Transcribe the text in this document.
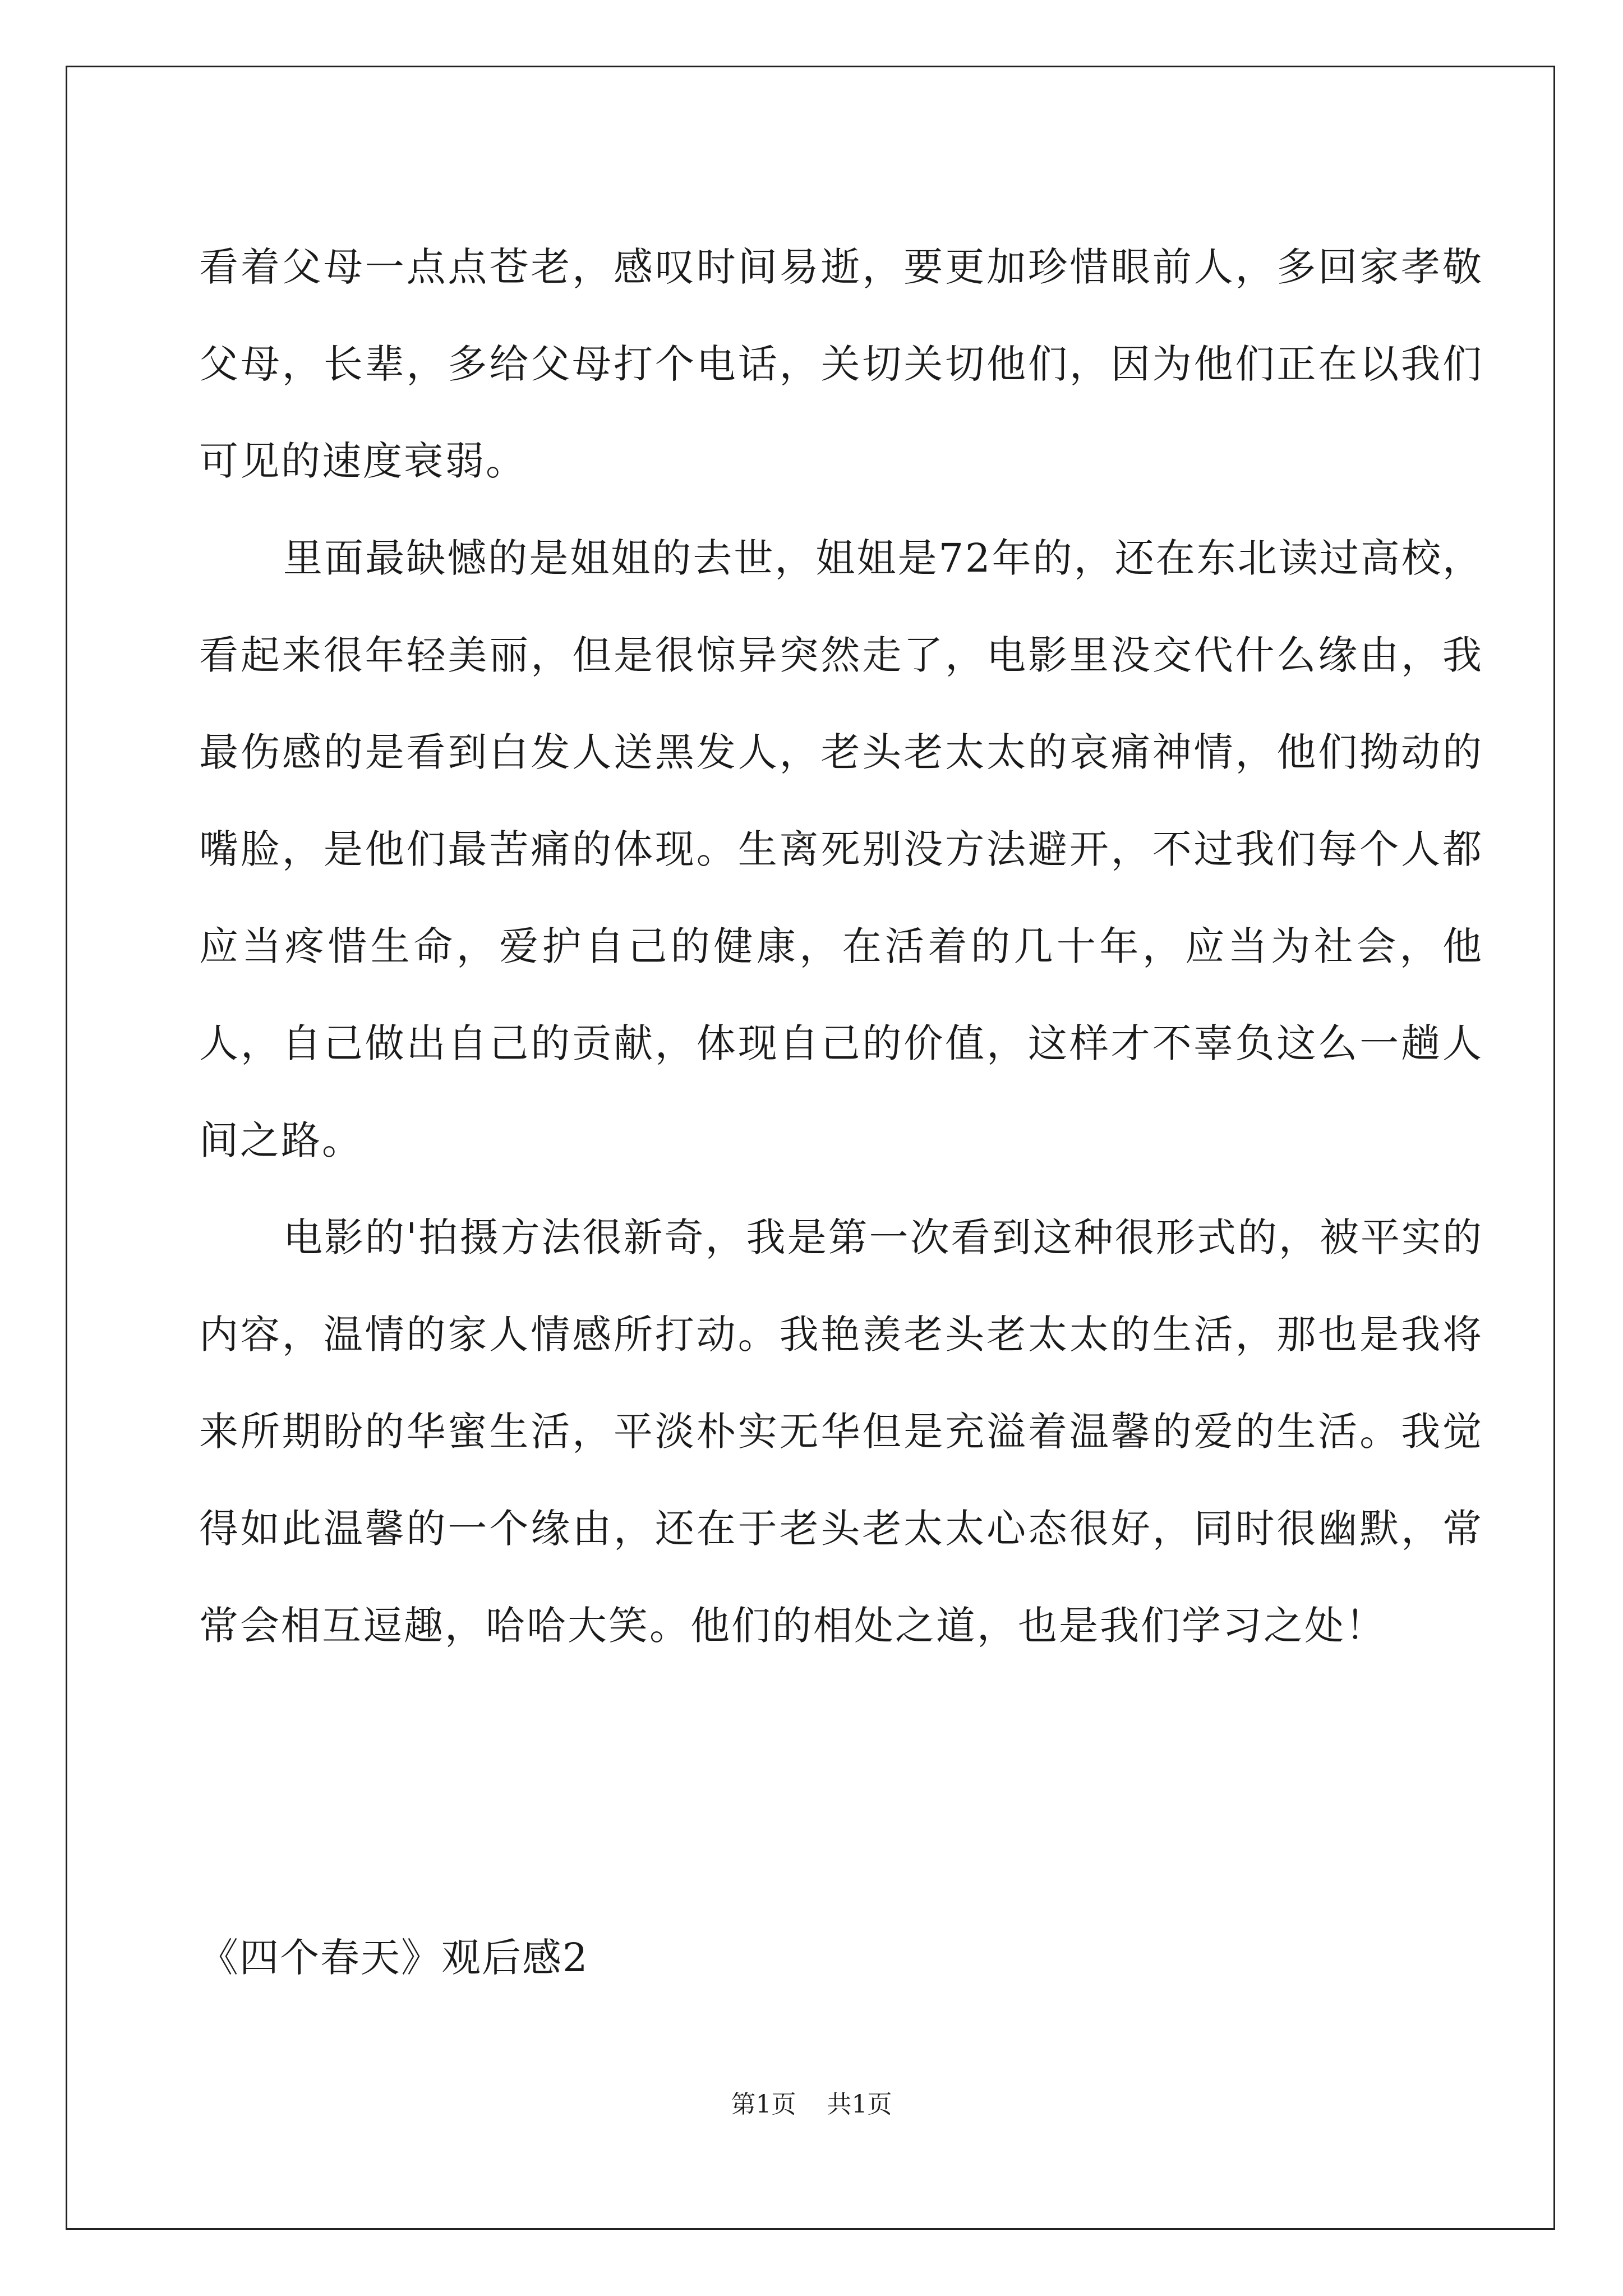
看着父母一点点苍老，感叹时间易逝，要更加珍惜眼前人，多回家孝敬父母，长辈，多给父母打个电话，关切关切他们，因为他们正在以我们可见的速度衰弱。

里面最缺憾的是姐姐的去世，姐姐是72年的，还在东北读过高校，看起来很年轻美丽，但是很惊异突然走了，电影里没交代什么缘由，我最伤感的是看到白发人送黑发人，老头老太太的哀痛神情，他们拗动的嘴脸，是他们最苦痛的体现。生离死别没方法避开，不过我们每个人都应当疼惜生命，爱护自己的健康，在活着的几十年，应当为社会，他人，自己做出自己的贡献，体现自己的价值，这样才不辜负这么一趟人间之路。

电影的'拍摄方法很新奇，我是第一次看到这种很形式的，被平实的内容，温情的家人情感所打动。我艳羡老头老太太的生活，那也是我将来所期盼的华蜜生活，平淡朴实无华但是充溢着温馨的爱的生活。我觉得如此温馨的一个缘由，还在于老头老太太心态很好，同时很幽默，常常会相互逗趣，哈哈大笑。他们的相处之道，也是我们学习之处！

《四个春天》观后感2

第1页 共1页
